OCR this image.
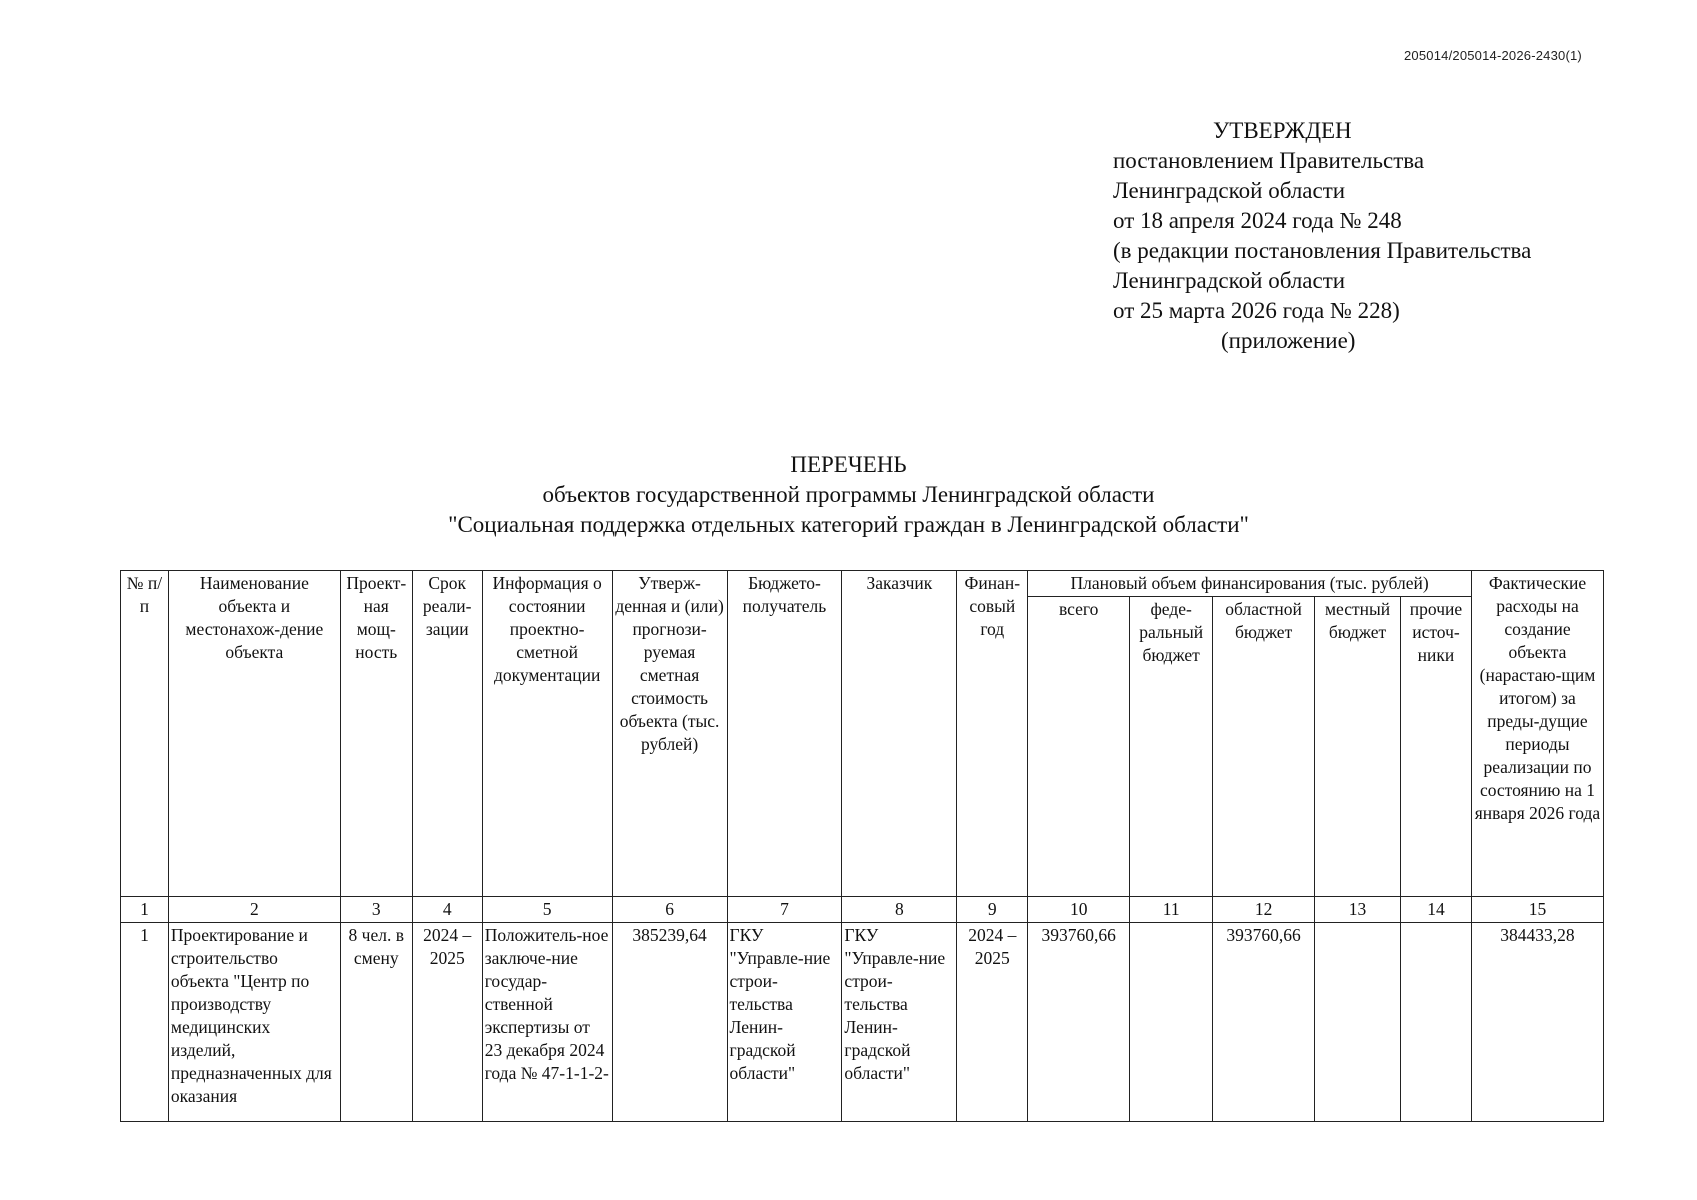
205014/205014-2026-2430(1)
УТВЕРЖДЕН
постановлением Правительства
Ленинградской области
от 18 апреля 2024 года № 248
(в редакции постановления Правительства
Ленинградской области
от 25 марта 2026 года № 228)
(приложение)
ПЕРЕЧЕНЬ
объектов государственной программы Ленинградской области
"Социальная поддержка отдельных категорий граждан в Ленинградской области"
№ п/п	Наименование объекта и местонахож-дение объекта	Проект-ная мощ-ность	Срок реали-зации	Информация о состоянии проектно-сметной документации	Утверж-денная и (или) прогнози-руемая сметная стоимость объекта (тыс. рублей)	Бюджето-получатель	Заказчик	Финан-совый год	Плановый объем финансирования (тыс. рублей)					Фактические расходы на создание объекта (нарастаю-щим итогом) за преды-дущие периоды реализации по состоянию на 1 января 2026 года
									всего	феде-ральный бюджет	областной бюджет	местный бюджет	прочие источ-ники	
1	2	3	4	5	6	7	8	9	10	11	12	13	14	15
1	Проектирование и строительство объекта "Центр по производству медицинских изделий, предназначенных для оказания	8 чел. в смену	2024 – 2025	Положитель-ное заключе-ние государ-ственной экспертизы от 23 декабря 2024 года № 47-1-1-2-	385239,64	ГКУ "Управле-ние строи-тельства Ленин-градской области"	ГКУ "Управле-ние строи-тельства Ленин-градской области"	2024 – 2025	393760,66		393760,66			384433,28
